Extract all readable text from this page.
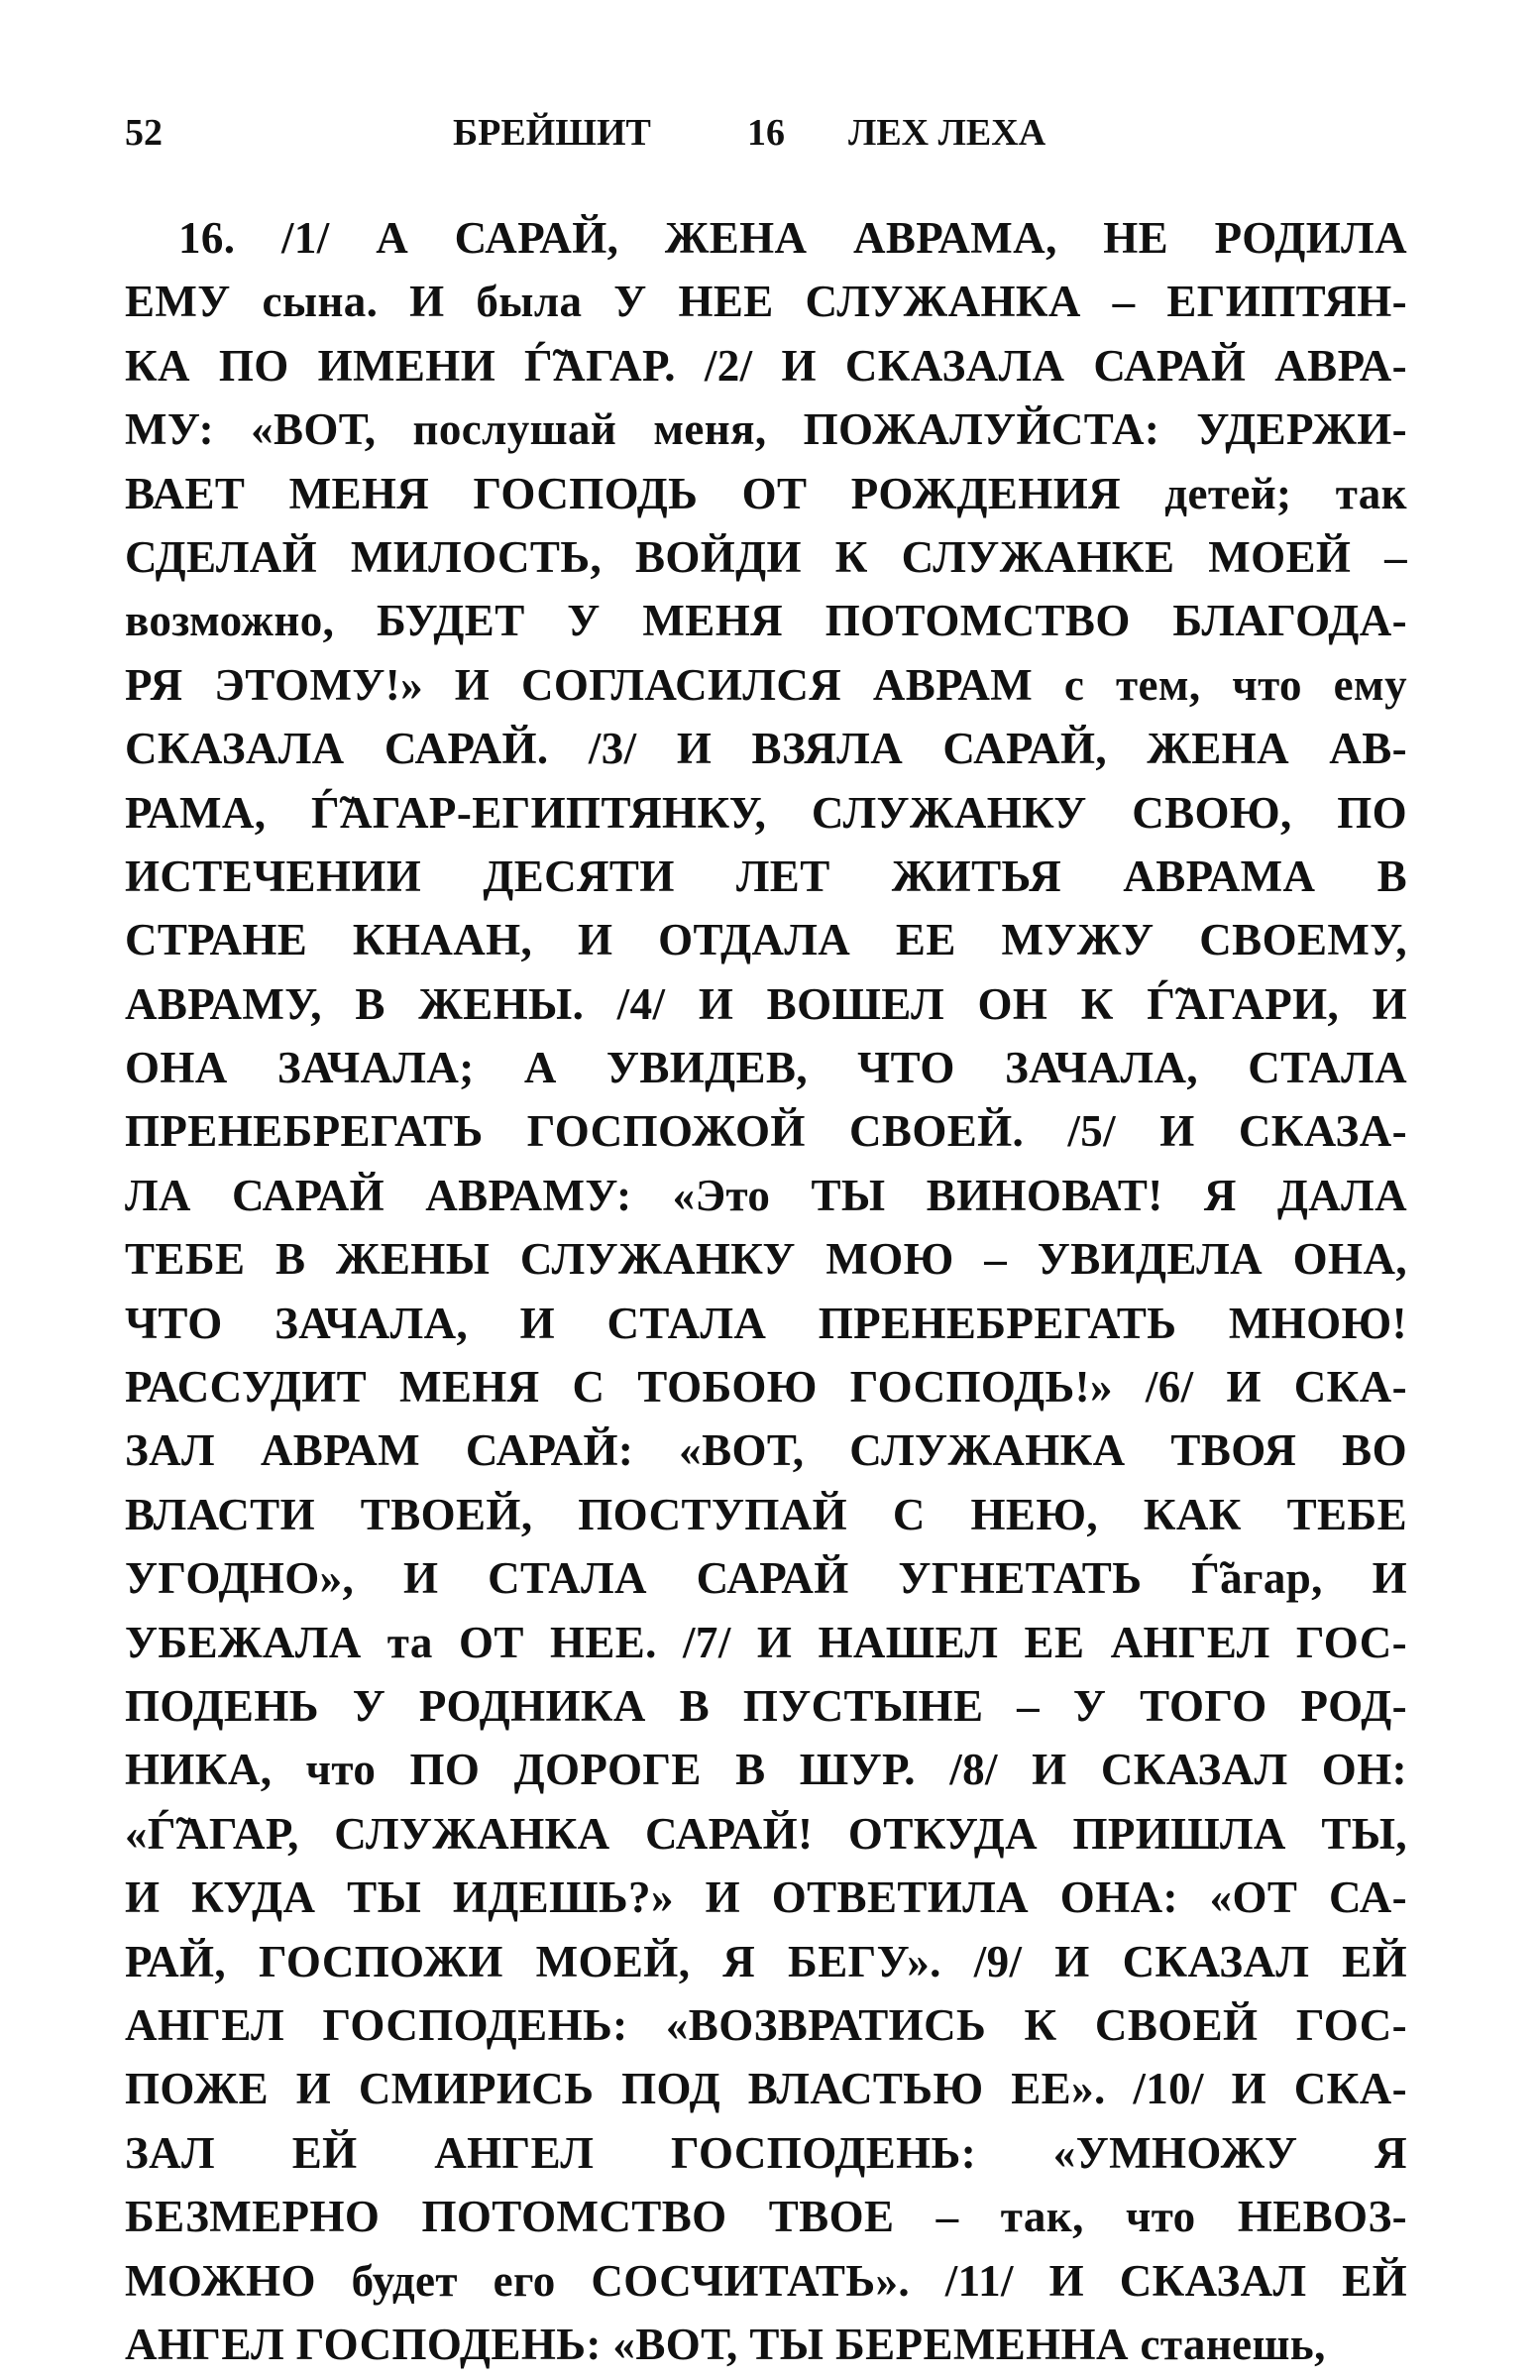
52	БРЕЙШИТ	16 ЛЕХ ЛЕХА
16. /1/ А САРАЙ, ЖЕНА АВРАМА, НЕ РОДИЛА
ЕМУ сына. И была У НЕЕ СЛУЖАНКА – ЕГИПТЯН-
КА ПО ИМЕНИ Ѓ̃АГАР. /2/ И СКАЗАЛА САРАЙ АВРА-
МУ: «ВОТ, послушай меня, ПОЖАЛУЙСТА: УДЕРЖИ-
ВАЕТ МЕНЯ ГОСПОДЬ ОТ РОЖДЕНИЯ детей; так
СДЕЛАЙ МИЛОСТЬ, ВОЙДИ К СЛУЖАНКЕ МОЕЙ –
возможно, БУДЕТ У МЕНЯ ПОТОМСТВО БЛАГОДА-
РЯ ЭТОМУ!» И СОГЛАСИЛСЯ АВРАМ с тем, что ему
СКАЗАЛА САРАЙ. /3/ И ВЗЯЛА САРАЙ, ЖЕНА АВ-
РАМА, Ѓ̃АГАР-ЕГИПТЯНКУ, СЛУЖАНКУ СВОЮ, ПО
ИСТЕЧЕНИИ ДЕСЯТИ ЛЕТ ЖИТЬЯ АВРАМА В
СТРАНЕ КНААН, И ОТДАЛА ЕЕ МУЖУ СВОЕМУ,
АВРАМУ, В ЖЕНЫ. /4/ И ВОШЕЛ ОН К Ѓ̃АГАРИ, И
ОНА ЗАЧАЛА; А УВИДЕВ, ЧТО ЗАЧАЛА, СТАЛА
ПРЕНЕБРЕГАТЬ ГОСПОЖОЙ СВОЕЙ. /5/ И СКАЗА-
ЛА САРАЙ АВРАМУ: «Это ТЫ ВИНОВАТ! Я ДАЛА
ТЕБЕ В ЖЕНЫ СЛУЖАНКУ МОЮ – УВИДЕЛА ОНА,
ЧТО ЗАЧАЛА, И СТАЛА ПРЕНЕБРЕГАТЬ МНОЮ!
РАССУДИТ МЕНЯ С ТОБОЮ ГОСПОДЬ!» /6/ И СКА-
ЗАЛ АВРАМ САРАЙ: «ВОТ, СЛУЖАНКА ТВОЯ ВО
ВЛАСТИ ТВОЕЙ, ПОСТУПАЙ С НЕЮ, КАК ТЕБЕ
УГОДНО», И СТАЛА САРАЙ УГНЕТАТЬ Ѓ̃агар, И
УБЕЖАЛА та ОТ НЕЕ. /7/ И НАШЕЛ ЕЕ АНГЕЛ ГОС-
ПОДЕНЬ У РОДНИКА В ПУСТЫНЕ – У ТОГО РОД-
НИКА, что ПО ДОРОГЕ В ШУР. /8/ И СКАЗАЛ ОН:
«Ѓ̃АГАР, СЛУЖАНКА САРАЙ! ОТКУДА ПРИШЛА ТЫ,
И КУДА ТЫ ИДЕШЬ?» И ОТВЕТИЛА ОНА: «ОТ СА-
РАЙ, ГОСПОЖИ МОЕЙ, Я БЕГУ». /9/ И СКАЗАЛ ЕЙ
АНГЕЛ ГОСПОДЕНЬ: «ВОЗВРАТИСЬ К СВОЕЙ ГОС-
ПОЖЕ И СМИРИСЬ ПОД ВЛАСТЬЮ ЕЕ». /10/ И СКА-
ЗАЛ ЕЙ АНГЕЛ ГОСПОДЕНЬ: «УМНОЖУ Я
БЕЗМЕРНО ПОТОМСТВО ТВОЕ – так, что НЕВОЗ-
МОЖНО будет его СОСЧИТАТЬ». /11/ И СКАЗАЛ ЕЙ
АНГЕЛ ГОСПОДЕНЬ: «ВОТ, ТЫ БЕРЕМЕННА станешь,
